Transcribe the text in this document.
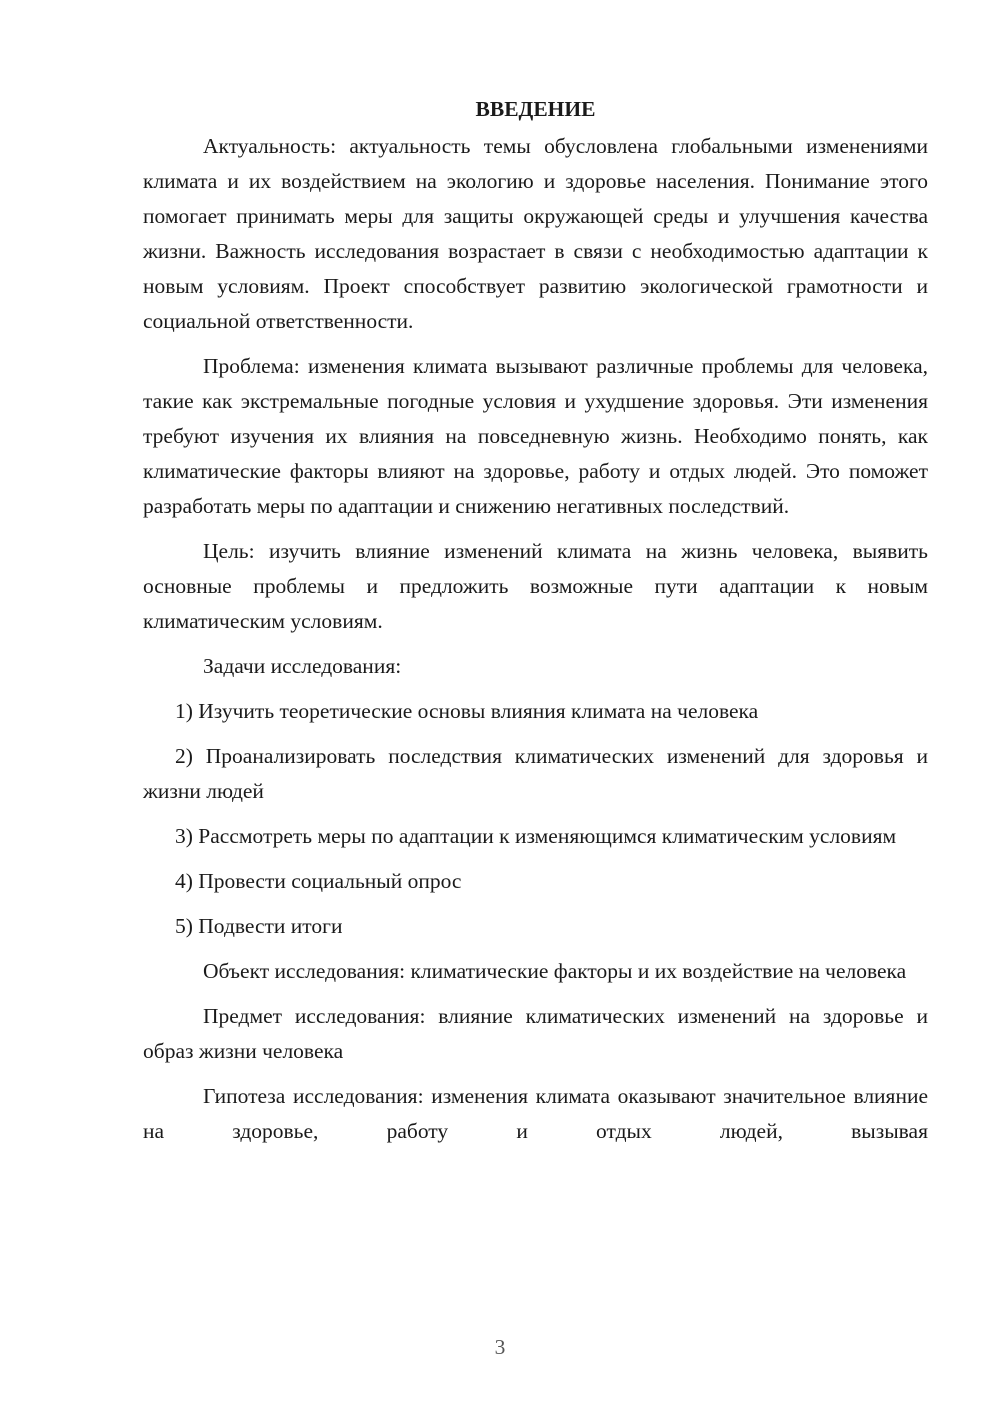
ВВЕДЕНИЕ

Актуальность: актуальность темы обусловлена глобальными изменениями климата и их воздействием на экологию и здоровье населения. Понимание этого помогает принимать меры для защиты окружающей среды и улучшения качества жизни. Важность исследования возрастает в связи с необходимостью адаптации к новым условиям. Проект способствует развитию экологической грамотности и социальной ответственности.

Проблема: изменения климата вызывают различные проблемы для человека, такие как экстремальные погодные условия и ухудшение здоровья. Эти изменения требуют изучения их влияния на повседневную жизнь. Необходимо понять, как климатические факторы влияют на здоровье, работу и отдых людей. Это поможет разработать меры по адаптации и снижению негативных последствий.

Цель: изучить влияние изменений климата на жизнь человека, выявить основные проблемы и предложить возможные пути адаптации к новым климатическим условиям.

Задачи исследования:

1) Изучить теоретические основы влияния климата на человека

2) Проанализировать последствия климатических изменений для здоровья и жизни людей

3) Рассмотреть меры по адаптации к изменяющимся климатическим условиям

4) Провести социальный опрос

5) Подвести итоги

Объект исследования: климатические факторы и их воздействие на человека

Предмет исследования: влияние климатических изменений на здоровье и образ жизни человека

Гипотеза исследования: изменения климата оказывают значительное влияние на здоровье, работу и отдых людей, вызывая

3
